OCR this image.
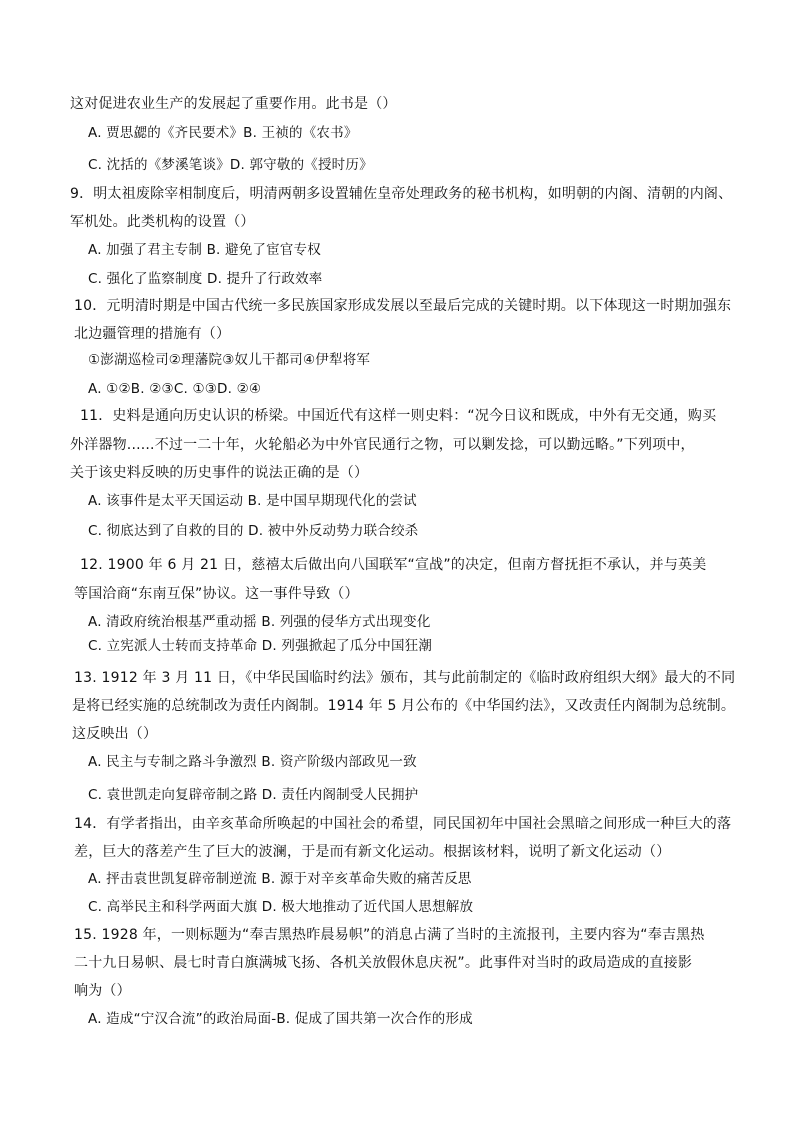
这对促进农业生产的发展起了重要作用。此书是（）
A. 贾思勰的《齐民要术》B. 王祯的《农书》
C. 沈括的《梦溪笔谈》D. 郭守敬的《授时历》
9．明太祖废除宰相制度后，明清两朝多设置辅佐皇帝处理政务的秘书机构，如明朝的内阁、清朝的内阁、
军机处。此类机构的设置（）
A. 加强了君主专制 B. 避免了宦官专权
C. 强化了监察制度 D. 提升了行政效率
10．元明清时期是中国古代统一多民族国家形成发展以至最后完成的关键时期。以下体现这一时期加强东
北边疆管理的措施有（）
①澎湖巡检司②理藩院③奴儿干都司④伊犁将军
A. ①②B. ②③C. ①③D. ②④
11．史料是通向历史认识的桥梁。中国近代有这样一则史料：“况今日议和既成，中外有无交通，购买
外洋器物......不过一二十年，火轮船必为中外官民通行之物，可以剿发捻，可以勤远略。”下列项中，
关于该史料反映的历史事件的说法正确的是（）
A. 该事件是太平天国运动 B. 是中国早期现代化的尝试
C. 彻底达到了自救的目的 D. 被中外反动势力联合绞杀
12. 1900 年 6 月 21 日，慈禧太后做出向八国联军“宣战”的决定，但南方督抚拒不承认，并与英美
等国洽商“东南互保”协议。这一事件导致（）
A. 清政府统治根基严重动摇 B. 列强的侵华方式出现变化
C. 立宪派人士转而支持革命 D. 列强掀起了瓜分中国狂潮
13. 1912 年 3 月 11 日，《中华民国临时约法》颁布，其与此前制定的《临时政府组织大纲》最大的不同
是将已经实施的总统制改为责任内阁制。1914 年 5 月公布的《中华国约法》，又改责任内阁制为总统制。
这反映出（）
A. 民主与专制之路斗争激烈 B. 资产阶级内部政见一致
C. 袁世凯走向复辟帝制之路 D. 责任内阁制受人民拥护
14．有学者指出，由辛亥革命所唤起的中国社会的希望，同民国初年中国社会黑暗之间形成一种巨大的落
差，巨大的落差产生了巨大的波澜，于是而有新文化运动。根据该材料，说明了新文化运动（）
A. 抨击袁世凯复辟帝制逆流 B. 源于对辛亥革命失败的痛苦反思
C. 高举民主和科学两面大旗 D. 极大地推动了近代国人思想解放
15. 1928 年，一则标题为“奉吉黑热昨晨易帜”的消息占满了当时的主流报刊，主要内容为“奉吉黑热
二十九日易帜、晨七时青白旗满城飞扬、各机关放假休息庆祝”。此事件对当时的政局造成的直接影
响为（）
A. 造成“宁汉合流”的政治局面-B. 促成了国共第一次合作的形成
